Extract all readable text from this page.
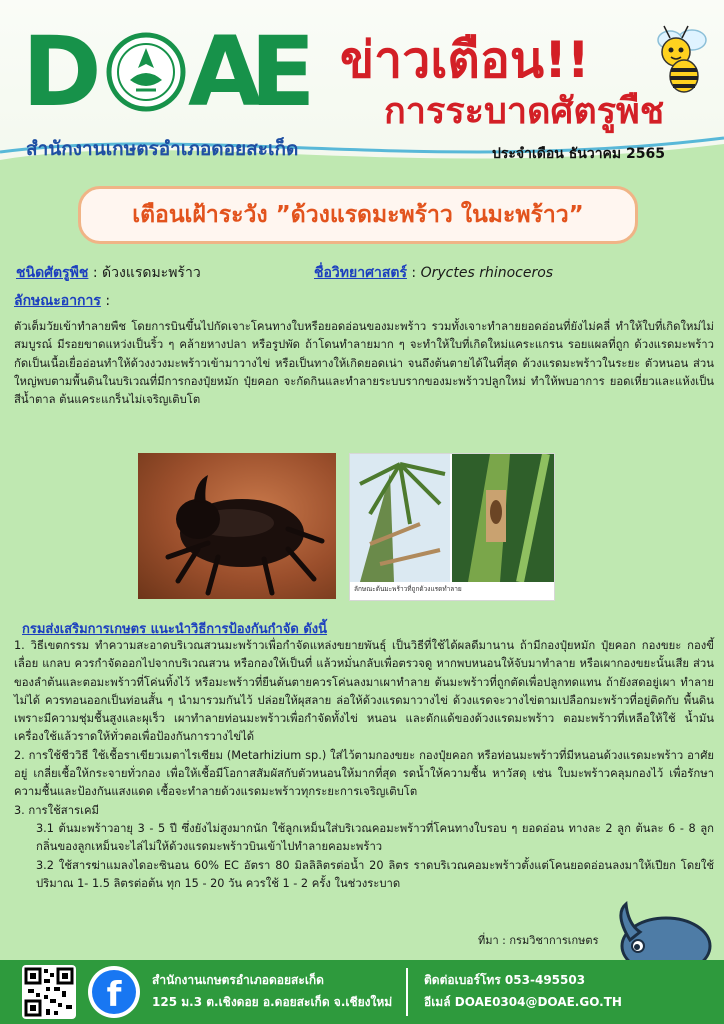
D A
E ข่าวเตือน!!
การระบาดศัตรูพืช
สำนักงานเกษตรอำเภอดอยสะเก็ด	ประจำเดือน ธันวาคม 2565
เตือนเฝ้าระวัง ”ด้วงแรดมะพร้าว ในมะพร้าว”
ชนิดศัตรูพืช : ด้วงแรดมะพร้าว	ชื่อวิทยาศาสตร์ : Oryctes rhinoceros
ลักษณะอาการ :

ตัวเต็มวัยเข้าทำลายพืช โดยการบินขึ้นไปกัดเจาะโคนทางใบหรือยอดอ่อนของมะพร้าว รวมทั้งเจาะทำลายยอดอ่อนที่ยังไม่คลี่ ทำให้ใบที่เกิดใหม่ไม่สมบูรณ์ มีรอยขาดแหว่งเป็นริ้ว ๆ คล้ายหางปลา หรือรูปพัด ถ้าโดนทำลายมาก ๆ จะทำให้ใบที่เกิดใหม่แคระแกรน รอยแผลที่ถูก ด้วงแรดมะพร้าวกัดเป็นเนื้อเยื่ออ่อนทำให้ด้วงงวงมะพร้าวเข้ามาวางไข่ หรือเป็นทางให้เกิดยอดเน่า จนถึงต้นตายได้ในที่สุด ด้วงแรดมะพร้าวในระยะ ตัวหนอน ส่วนใหญ่พบตามพื้นดินในบริเวณที่มีการกองปุ๋ยหมัก ปุ๋ยคอก จะกัดกินและทำลายระบบรากของมะพร้าวปลูกใหม่ ทำให้พบอาการ ยอดเหี่ยวและแห้งเป็นสีน้ำตาล ต้นแคระแกร็นไม่เจริญเติบโต

ลักษณะต้นมะพร้าวที่ถูกด้วงแรดทำลาย
กรมส่งเสริมการเกษตร แนะนำวิธีการป้องกันกำจัด ดังนี้

1. วิธีเขตกรรม ทำความสะอาดบริเวณสวนมะพร้าวเพื่อกำจัดแหล่งขยายพันธุ์ เป็นวิธีที่ใช้ได้ผลดีมานาน ถ้ามีกองปุ๋ยหมัก ปุ๋ยคอก กองขยะ กองขี้เลื่อย แกลบ ควรกำจัดออกไปจากบริเวณสวน หรือกองให้เป็นที่ แล้วหมั่นกลับเพื่อตรวจดู หากพบหนอนให้จับมาทำลาย หรือเผากองขยะนั้นเสีย ส่วนของลำต้นและตอมะพร้าวที่โค่นทิ้งไว้ หรือมะพร้าวที่ยืนต้นตายควรโค่นลงมาเผาทำลาย ต้นมะพร้าวที่ถูกตัดเพื่อปลูกทดแทน ถ้ายังสดอยู่เผา ทำลายไม่ได้ ควรทอนออกเป็นท่อนสั้น ๆ นำมารวมกันไว้ ปล่อยให้ผุสลาย ล่อให้ด้วงแรดมาวางไข่ ด้วงแรดจะวางไข่ตามเปลือกมะพร้าวที่อยู่ติดกับ พื้นดินเพราะมีความชุ่มชื้นสูงและผุเร็ว เผาทำลายท่อนมะพร้าวเพื่อกำจัดทั้งไข่ หนอน และดักแด้ของด้วงแรดมะพร้าว ตอมะพร้าวที่เหลือให้ใช้ น้ำมันเครื่องใช้แล้วราดให้ทั่วตอเพื่อป้องกันการวางไข่ได้

2. การใช้ชีววิธี ใช้เชื้อราเขียวเมตาไรเซียม (Metarhizium sp.) ใส่ไว้ตามกองขยะ กองปุ๋ยคอก หรือท่อนมะพร้าวที่มีหนอนด้วงแรดมะพร้าว อาศัยอยู่ เกลี่ยเชื้อให้กระจายทั่วกอง เพื่อให้เชื้อมีโอกาสสัมผัสกับตัวหนอนให้มากที่สุด รดน้ำให้ความชื้น หาวัสดุ เช่น ใบมะพร้าวคลุมกองไว้ เพื่อรักษาความชื้นและป้องกันแสงแดด เชื้อจะทำลายด้วงแรดมะพร้าวทุกระยะการเจริญเติบโต

3. การใช้สารเคมี

3.1 ต้นมะพร้าวอายุ 3 - 5 ปี ซึ่งยังไม่สูงมากนัก ใช้ลูกเหม็นใส่บริเวณคอมะพร้าวที่โคนทางใบรอบ ๆ ยอดอ่อน ทางละ 2 ลูก ต้นละ 6 - 8 ลูก กลิ่นของลูกเหม็นจะไล่ไม่ให้ด้วงแรดมะพร้าวบินเข้าไปทำลายคอมะพร้าว

3.2 ใช้สารฆ่าแมลงไดอะซินอน 60% EC อัตรา 80 มิลลิลิตรต่อน้ำ 20 ลิตร ราดบริเวณคอมะพร้าวตั้งแต่โคนยอดอ่อนลงมาให้เปียก โดยใช้ปริมาณ 1- 1.5 ลิตรต่อต้น ทุก 15 - 20 วัน ควรใช้ 1 - 2 ครั้ง ในช่วงระบาด

ที่มา : กรมวิชาการเกษตร
f	สำนักงานเกษตรอำเภอดอยสะเก็ด
125 ม.3 ต.เชิงดอย อ.ดอยสะเก็ด จ.เชียงใหม่
ติดต่อเบอร์โทร 053-495503
อีเมล์ DOAE0304@DOAE.GO.TH
